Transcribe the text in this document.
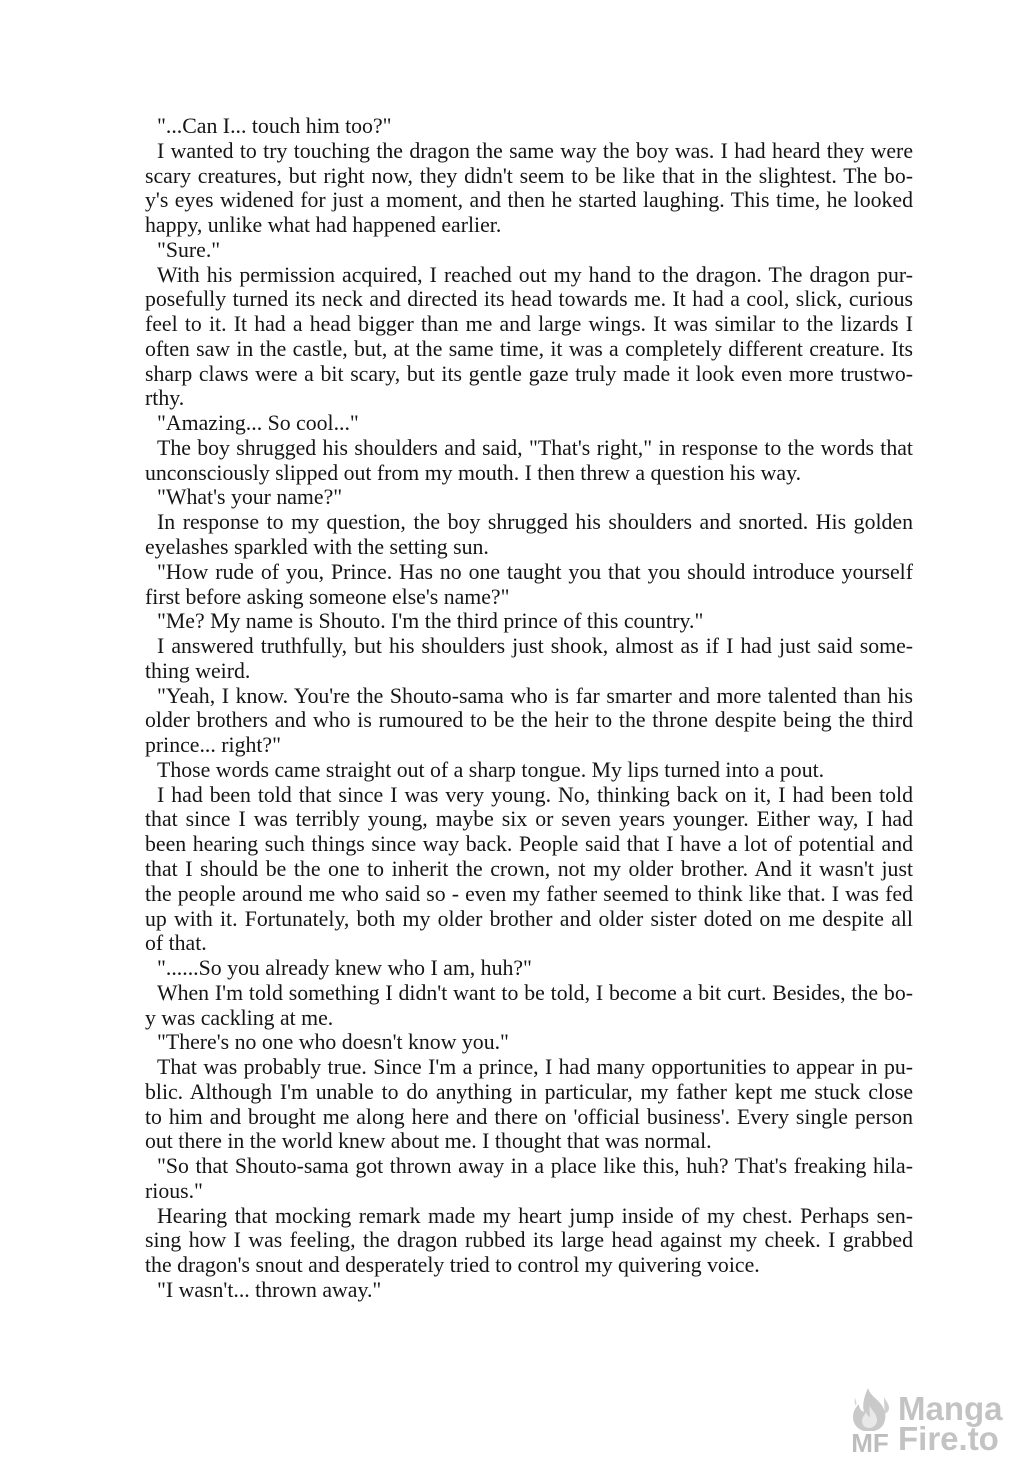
"...Can I... touch him too?"
I wanted to try touching the dragon the same way the boy was. I had heard they were
scary creatures, but right now, they didn't seem to be like that in the slightest. The bo-
y's eyes widened for just a moment, and then he started laughing. This time, he looked
happy, unlike what had happened earlier.
"Sure."
With his permission acquired, I reached out my hand to the dragon. The dragon pur-
posefully turned its neck and directed its head towards me. It had a cool, slick, curious
feel to it. It had a head bigger than me and large wings. It was similar to the lizards I
often saw in the castle, but, at the same time, it was a completely different creature. Its
sharp claws were a bit scary, but its gentle gaze truly made it look even more trustwo-
rthy.
"Amazing... So cool..."
The boy shrugged his shoulders and said, "That's right," in response to the words that
unconsciously slipped out from my mouth. I then threw a question his way.
"What's your name?"
In response to my question, the boy shrugged his shoulders and snorted. His golden
eyelashes sparkled with the setting sun.
"How rude of you, Prince. Has no one taught you that you should introduce yourself
first before asking someone else's name?"
"Me? My name is Shouto. I'm the third prince of this country."
I answered truthfully, but his shoulders just shook, almost as if I had just said some-
thing weird.
"Yeah, I know. You're the Shouto-sama who is far smarter and more talented than his
older brothers and who is rumoured to be the heir to the throne despite being the third
prince... right?"
Those words came straight out of a sharp tongue. My lips turned into a pout.
I had been told that since I was very young. No, thinking back on it, I had been told
that since I was terribly young, maybe six or seven years younger. Either way, I had
been hearing such things since way back. People said that I have a lot of potential and
that I should be the one to inherit the crown, not my older brother. And it wasn't just
the people around me who said so - even my father seemed to think like that. I was fed
up with it. Fortunately, both my older brother and older sister doted on me despite all
of that.
"......So you already knew who I am, huh?"
When I'm told something I didn't want to be told, I become a bit curt. Besides, the bo-
y was cackling at me.
"There's no one who doesn't know you."
That was probably true. Since I'm a prince, I had many opportunities to appear in pu-
blic. Although I'm unable to do anything in particular, my father kept me stuck close
to him and brought me along here and there on 'official business'. Every single person
out there in the world knew about me. I thought that was normal.
"So that Shouto-sama got thrown away in a place like this, huh? That's freaking hila-
rious."
Hearing that mocking remark made my heart jump inside of my chest. Perhaps sen-
sing how I was feeling, the dragon rubbed its large head against my cheek. I grabbed
the dragon's snout and desperately tried to control my quivering voice.
"I wasn't... thrown away."
MF
Manga
Fire.to
